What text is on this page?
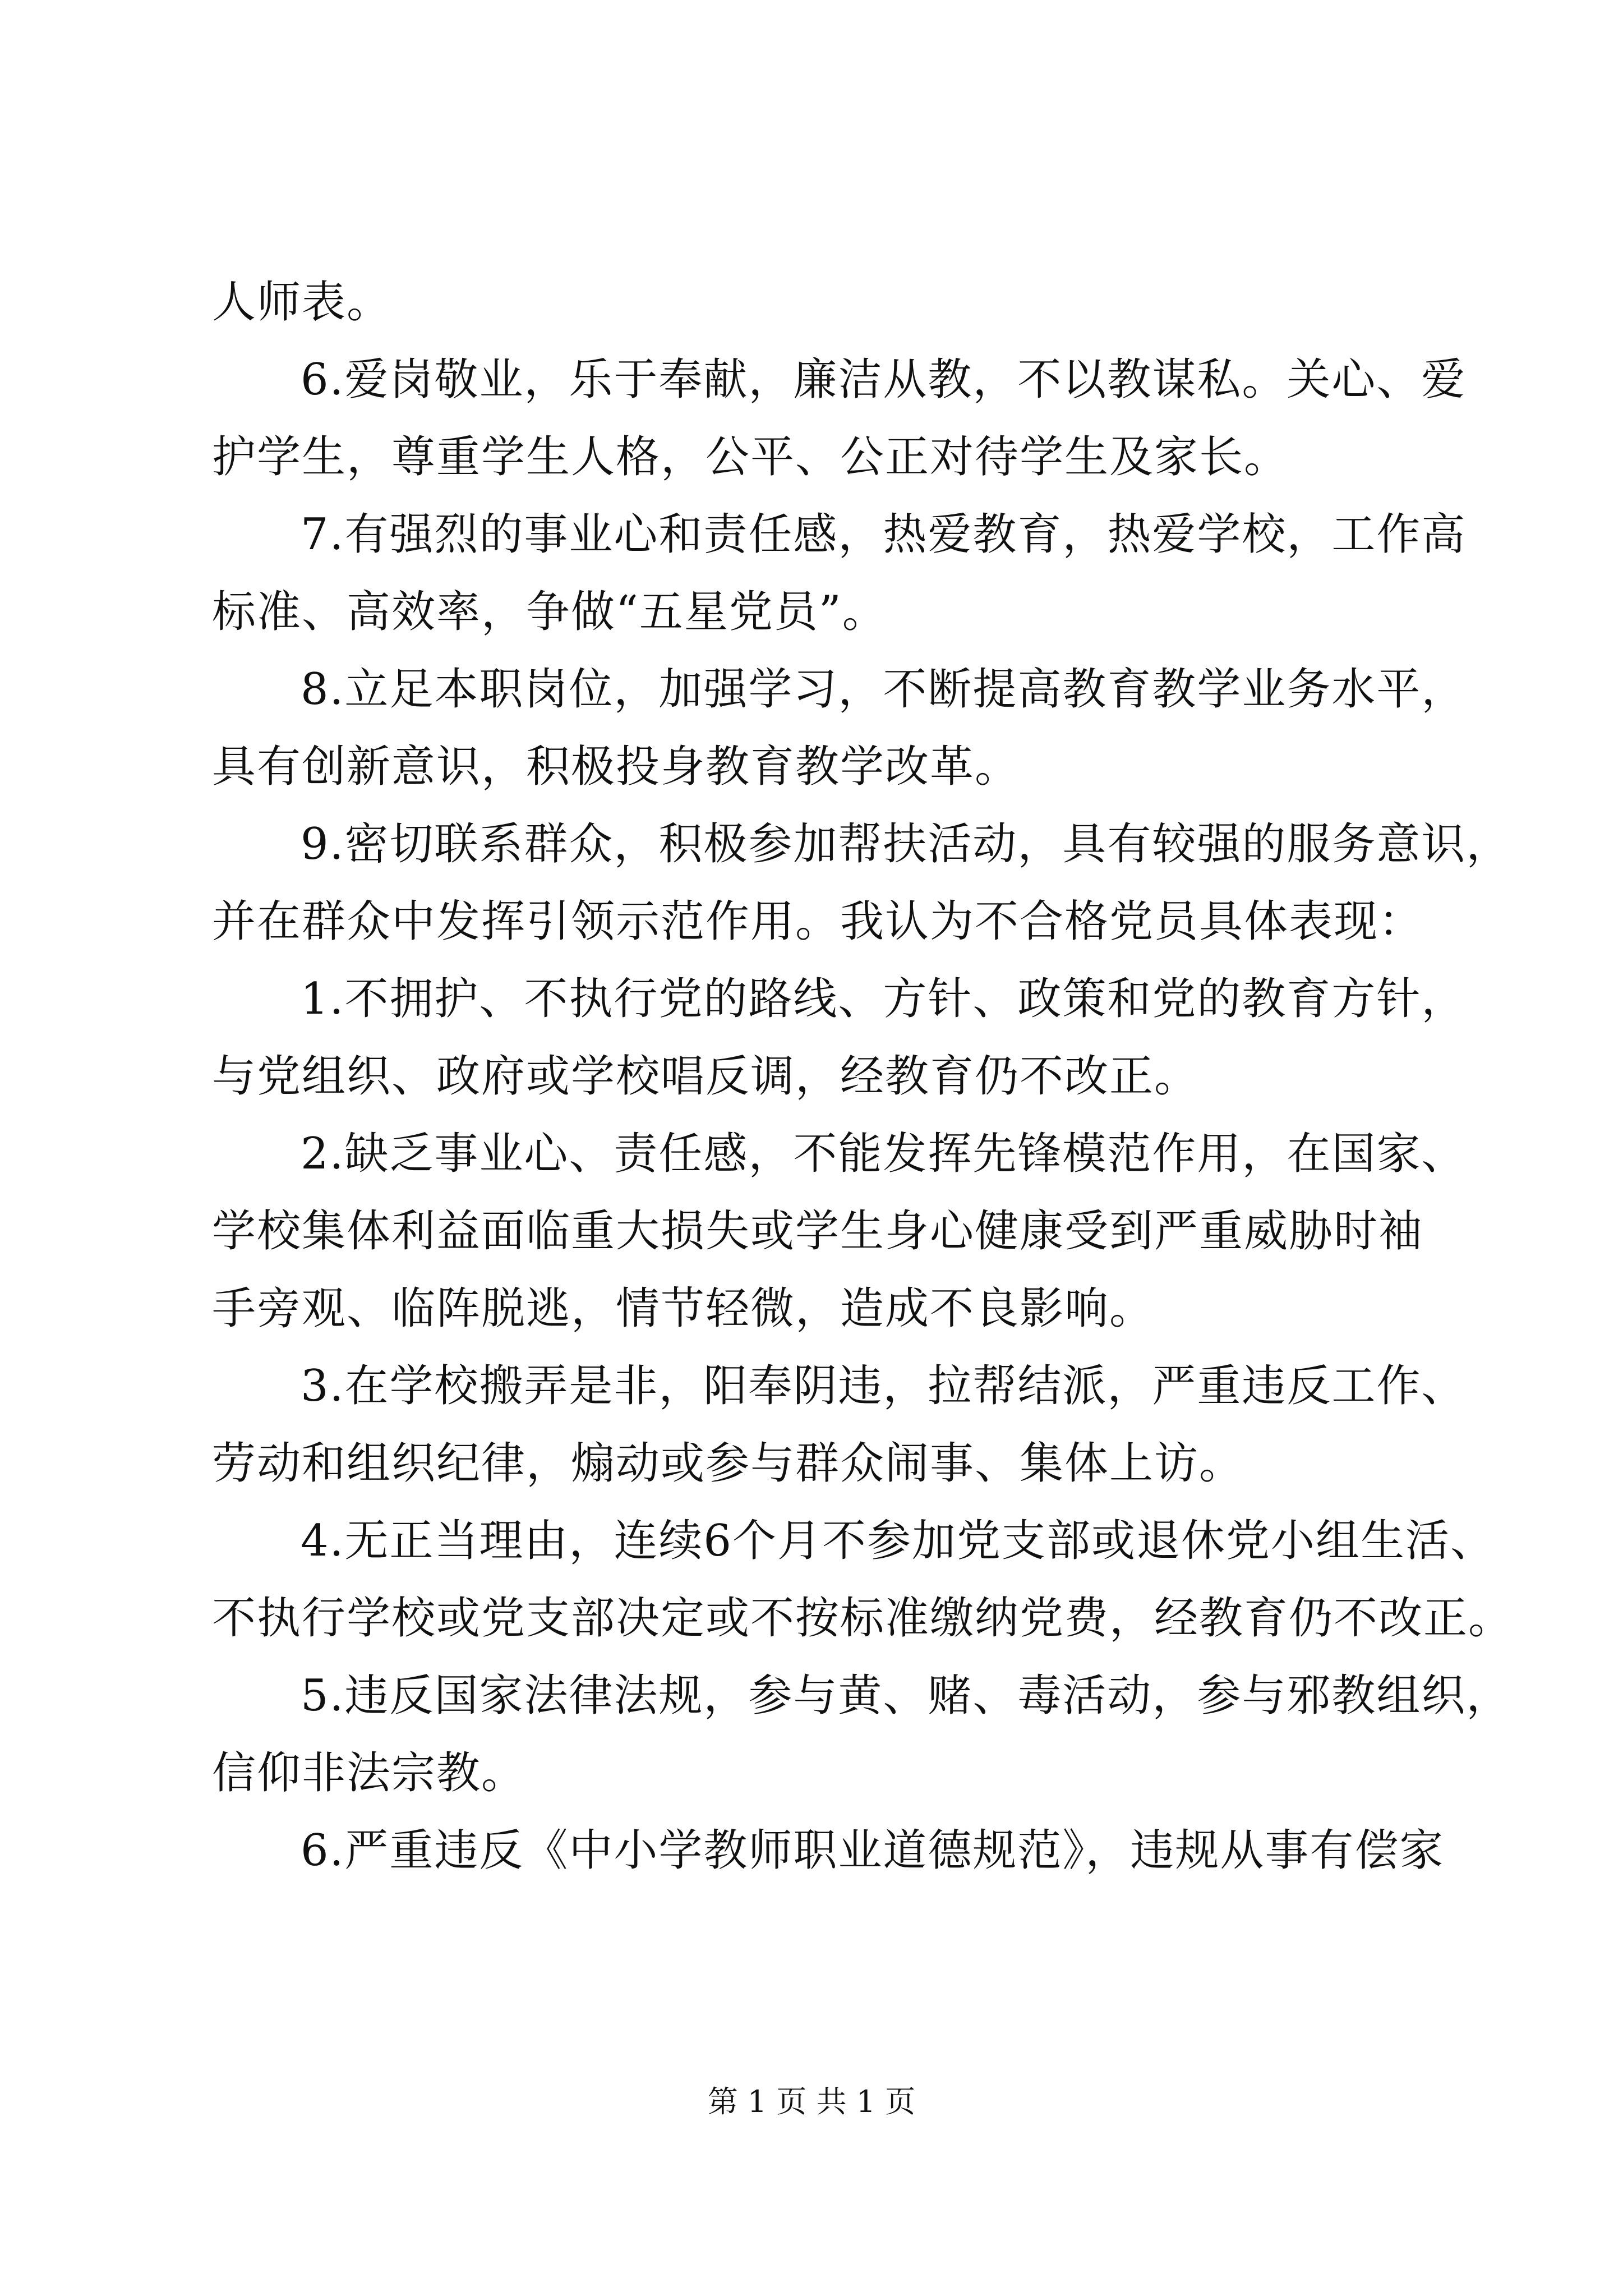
人师表。
6.爱岗敬业，乐于奉献，廉洁从教，不以教谋私。关心、爱
护学生，尊重学生人格，公平、公正对待学生及家长。
7.有强烈的事业心和责任感，热爱教育，热爱学校，工作高
标准、高效率，争做“五星党员”。
8.立足本职岗位，加强学习，不断提高教育教学业务水平，
具有创新意识，积极投身教育教学改革。
9.密切联系群众，积极参加帮扶活动，具有较强的服务意识，
并在群众中发挥引领示范作用。我认为不合格党员具体表现：
1.不拥护、不执行党的路线、方针、政策和党的教育方针，
与党组织、政府或学校唱反调，经教育仍不改正。
2.缺乏事业心、责任感，不能发挥先锋模范作用，在国家、
学校集体利益面临重大损失或学生身心健康受到严重威胁时袖
手旁观、临阵脱逃，情节轻微，造成不良影响。
3.在学校搬弄是非，阳奉阴违，拉帮结派，严重违反工作、
劳动和组织纪律，煽动或参与群众闹事、集体上访。
4.无正当理由，连续6个月不参加党支部或退休党小组生活、
不执行学校或党支部决定或不按标准缴纳党费，经教育仍不改正。
5.违反国家法律法规，参与黄、赌、毒活动，参与邪教组织，
信仰非法宗教。
6.严重违反《中小学教师职业道德规范》，违规从事有偿家
第 1 页 共 1 页
